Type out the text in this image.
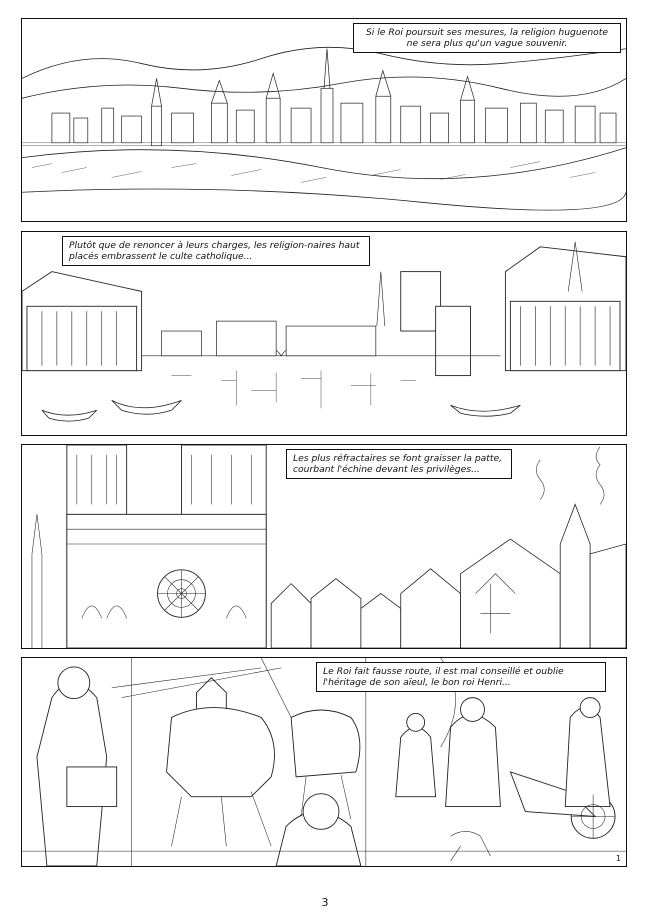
Si le Roi poursuit ses mesures, la religion huguenote ne sera plus qu'un vague souvenir.
Plutôt que de renoncer à leurs charges, les religion-naires haut placés embrassent le culte catholique...
Les plus réfractaires se font graisser la patte, courbant l'échine devant les privilèges...
Le Roi fait fausse route, il est mal conseillé et oublie l'héritage de son aïeul, le bon roi Henri...
1
3
